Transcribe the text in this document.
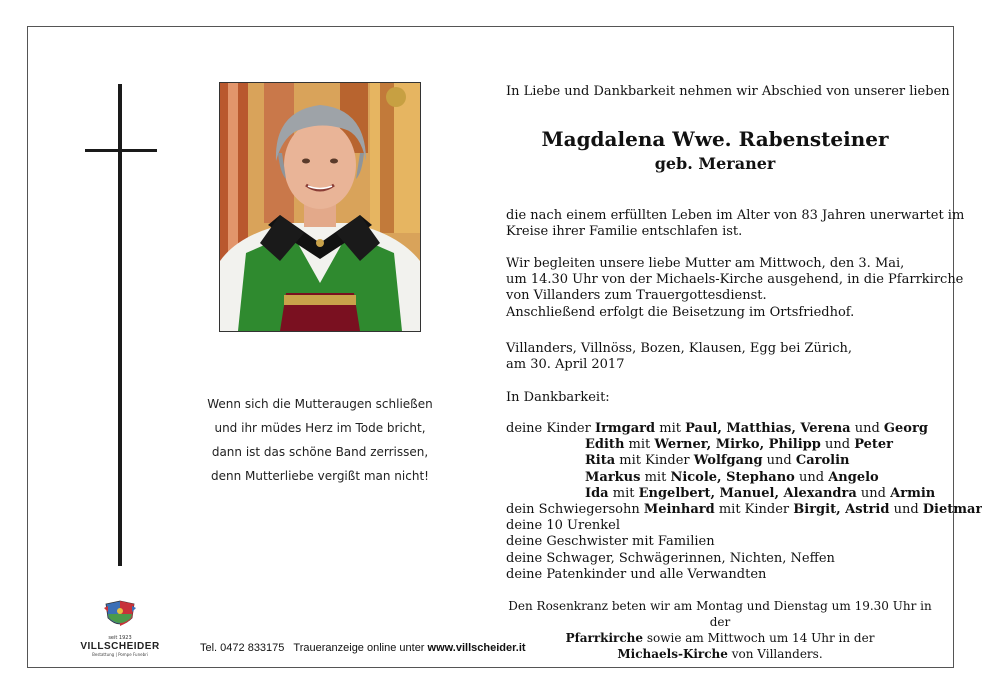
Wenn sich die Mutteraugen schließen
und ihr müdes Herz im Tode bricht,
dann ist das schöne Band zerrissen,
denn Mutterliebe vergißt man nicht!
In Liebe und Dankbarkeit nehmen wir Abschied von unserer lieben
Magdalena Wwe. Rabensteiner
geb. Meraner
die nach einem erfüllten Leben im Alter von 83 Jahren unerwartet im
Kreise ihrer Familie entschlafen ist.
Wir begleiten unsere liebe Mutter am Mittwoch, den 3. Mai,
um 14.30 Uhr von der Michaels-Kirche ausgehend, in die Pfarrkirche
von Villanders zum Trauergottesdienst.
Anschließend erfolgt die Beisetzung im Ortsfriedhof.
Villanders, Villnöss, Bozen, Klausen, Egg bei Zürich,
am 30. April 2017
In Dankbarkeit:
deine Kinder Irmgard mit Paul, Matthias, Verena und Georg
Edith mit Werner, Mirko, Philipp und Peter
Rita mit Kinder Wolfgang und Carolin
Markus mit Nicole, Stephano und Angelo
Ida mit Engelbert, Manuel, Alexandra und Armin
dein Schwiegersohn Meinhard mit Kinder Birgit, Astrid und Dietmar
deine 10 Urenkel
deine Geschwister mit Familien
deine Schwager, Schwägerinnen, Nichten, Neffen
deine Patenkinder und alle Verwandten
Den Rosenkranz beten wir am Montag und Dienstag um 19.30 Uhr in der
Pfarrkirche sowie am Mittwoch um 14 Uhr in der
Michaels-Kirche von Villanders.
seit 1923
VILLSCHEIDER
Bestattung | Pompe Funebri
Tel. 0472 833175 Traueranzeige online unter www.villscheider.it
